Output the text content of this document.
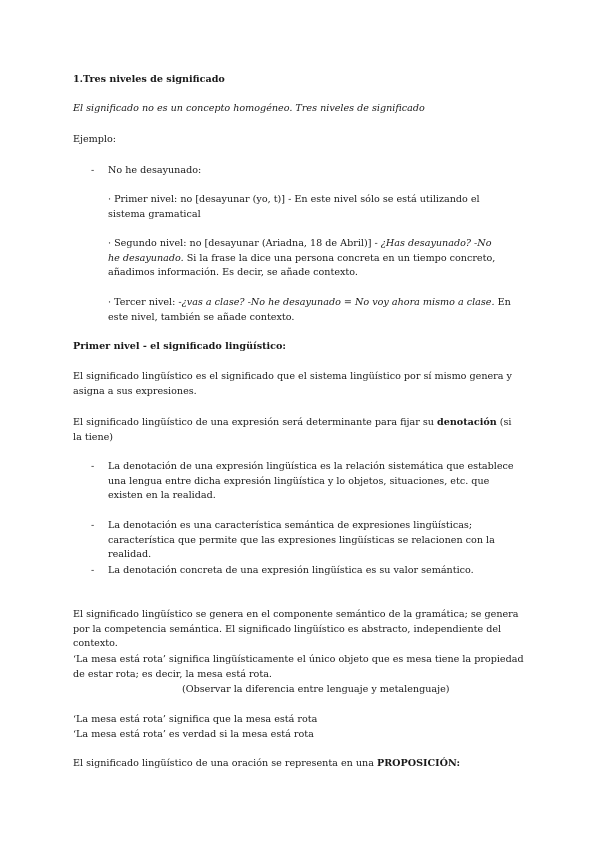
1.Tres niveles de significado

El significado no es un concepto homogéneo. Tres niveles de significado

Ejemplo:

-	No he desayunado:

· Primer nivel: no [desayunar (yo, t)] - En este nivel sólo se está utilizando el sistema gramatical

· Segundo nivel: no [desayunar (Ariadna, 18 de Abril)] - ¿Has desayunado? -No he desayunado. Si la frase la dice una persona concreta en un tiempo concreto, añadimos información. Es decir, se añade contexto.

· Tercer nivel: -¿vas a clase? -No he desayunado = No voy ahora mismo a clase. En este nivel, también se añade contexto.

Primer nivel - el significado lingüístico:

El significado lingüístico es el significado que el sistema lingüístico por sí mismo genera y asigna a sus expresiones.

El significado lingüístico de una expresión será determinante para fijar su denotación (si la tiene)

-	La denotación de una expresión lingüística es la relación sistemática que establece una lengua entre dicha expresión lingüística y lo objetos, situaciones, etc. que existen en la realidad.

-	La denotación es una característica semántica de expresiones lingüísticas; característica que permite que las expresiones lingüísticas se relacionen con la realidad.

-	La denotación concreta de una expresión lingüística es su valor semántico.

El significado lingüístico se genera en el componente semántico de la gramática; se genera por la competencia semántica. El significado lingüístico es abstracto, independiente del contexto.

‘La mesa está rota’ significa lingüísticamente el único objeto que es mesa tiene la propiedad de estar rota; es decir, la mesa está rota.

(Observar la diferencia entre lenguaje y metalenguaje)

‘La mesa está rota’ significa que la mesa está rota

‘La mesa está rota’ es verdad si la mesa está rota

El significado lingüístico de una oración se representa en una PROPOSICIÓN:
